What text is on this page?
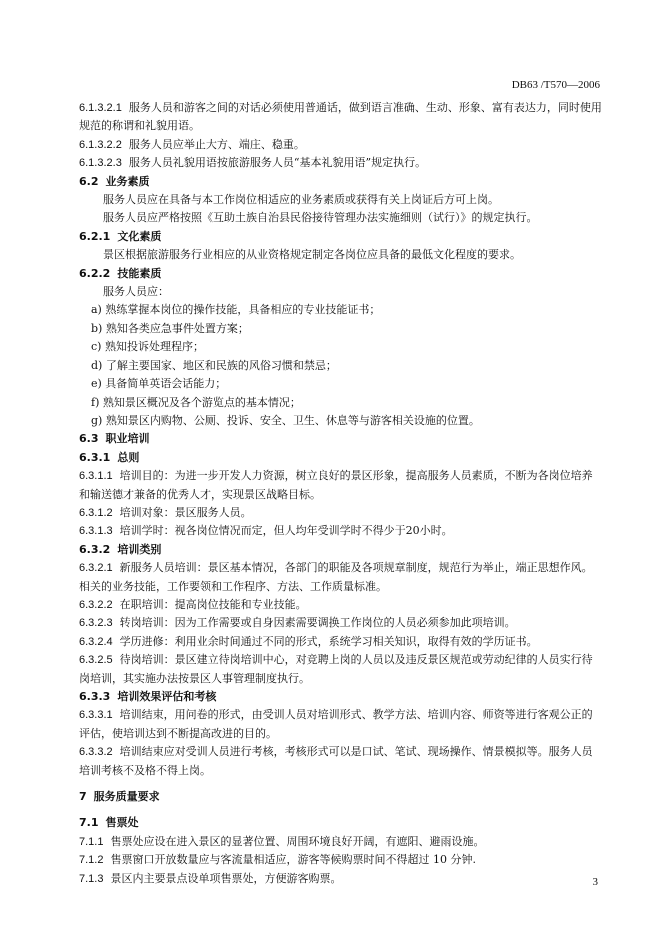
DB63 /T570—2006
6.1.3.2.1 服务人员和游客之间的对话必须使用普通话，做到语言准确、生动、形象、富有表达力，同时使用规范的称谓和礼貌用语。
6.1.3.2.2 服务人员应举止大方、端庄、稳重。
6.1.3.2.3 服务人员礼貌用语按旅游服务人员“基本礼貌用语”规定执行。
6.2 业务素质
服务人员应在具备与本工作岗位相适应的业务素质或获得有关上岗证后方可上岗。
服务人员应严格按照《互助土族自治县民俗接待管理办法实施细则（试行）》的规定执行。
6.2.1 文化素质
景区根据旅游服务行业相应的从业资格规定制定各岗位应具备的最低文化程度的要求。
6.2.2 技能素质
服务人员应：
a) 熟练掌握本岗位的操作技能，具备相应的专业技能证书；
b) 熟知各类应急事件处置方案；
c) 熟知投诉处理程序；
d) 了解主要国家、地区和民族的风俗习惯和禁忌；
e) 具备简单英语会话能力；
f) 熟知景区概况及各个游览点的基本情况；
g) 熟知景区内购物、公厕、投诉、安全、卫生、休息等与游客相关设施的位置。
6.3 职业培训
6.3.1 总则
6.3.1.1 培训目的：为进一步开发人力资源，树立良好的景区形象，提高服务人员素质，不断为各岗位培养和输送德才兼备的优秀人才，实现景区战略目标。
6.3.1.2 培训对象：景区服务人员。
6.3.1.3 培训学时：视各岗位情况而定，但人均年受训学时不得少于20小时。
6.3.2 培训类别
6.3.2.1 新服务人员培训：景区基本情况，各部门的职能及各项规章制度，规范行为举止，端正思想作风。相关的业务技能，工作要领和工作程序、方法、工作质量标准。
6.3.2.2 在职培训：提高岗位技能和专业技能。
6.3.2.3 转岗培训：因为工作需要或自身因素需要调换工作岗位的人员必须参加此项培训。
6.3.2.4 学历进修：利用业余时间通过不同的形式，系统学习相关知识，取得有效的学历证书。
6.3.2.5 待岗培训：景区建立待岗培训中心，对竞聘上岗的人员以及违反景区规范或劳动纪律的人员实行待岗培训，其实施办法按景区人事管理制度执行。
6.3.3 培训效果评估和考核
6.3.3.1 培训结束，用问卷的形式，由受训人员对培训形式、教学方法、培训内容、师资等进行客观公正的评估，使培训达到不断提高改进的目的。
6.3.3.2 培训结束应对受训人员进行考核，考核形式可以是口试、笔试、现场操作、情景模拟等。服务人员培训考核不及格不得上岗。
7 服务质量要求
7.1 售票处
7.1.1 售票处应设在进入景区的显著位置、周围环境良好开阔，有遮阳、避雨设施。
7.1.2 售票窗口开放数量应与客流量相适应，游客等候购票时间不得超过 10 分钟.
7.1.3 景区内主要景点设单项售票处，方便游客购票。	3
